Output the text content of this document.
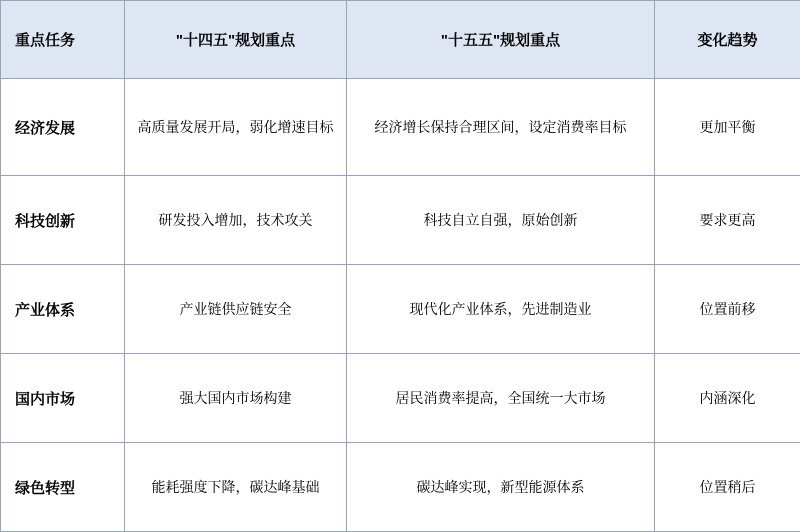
重点任务	"十四五"规划重点	"十五五"规划重点	变化趋势
经济发展	高质量发展开局，弱化增速目标	经济增长保持合理区间，设定消费率目标	更加平衡
科技创新	研发投入增加，技术攻关	科技自立自强，原始创新	要求更高
产业体系	产业链供应链安全	现代化产业体系，先进制造业	位置前移
国内市场	强大国内市场构建	居民消费率提高，全国统一大市场	内涵深化
绿色转型	能耗强度下降，碳达峰基础	碳达峰实现，新型能源体系	位置稍后
